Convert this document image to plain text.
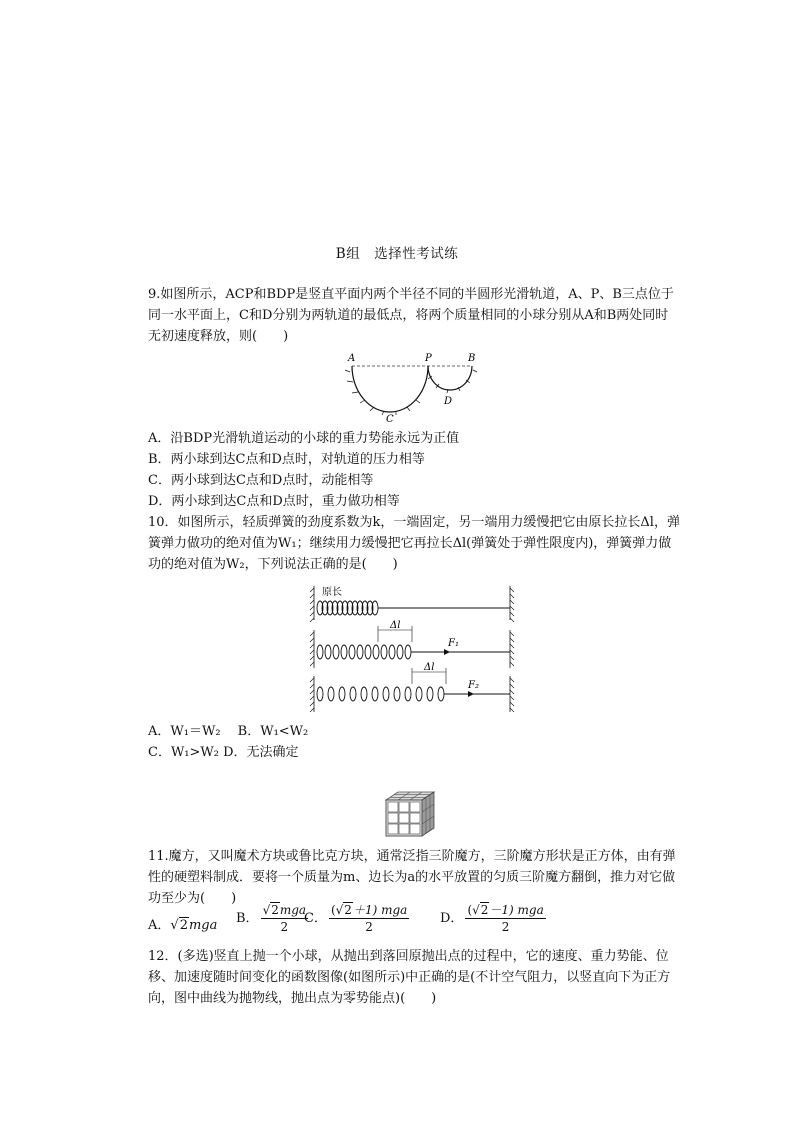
B组　选择性考试练
9.如图所示，ACP和BDP是竖直平面内两个半径不同的半圆形光滑轨道，A、P、B三点位于同一水平面上，C和D分别为两轨道的最低点，将两个质量相同的小球分别从A和B两处同时无初速度释放，则(　　)
A	P	B
C
D
A．沿BDP光滑轨道运动的小球的重力势能永远为正值
B．两小球到达C点和D点时，对轨道的压力相等
C．两小球到达C点和D点时，动能相等
D．两小球到达C点和D点时，重力做功相等
10．如图所示，轻质弹簧的劲度系数为k，一端固定，另一端用力缓慢把它由原长拉长Δl，弹簧弹力做功的绝对值为W₁；继续用力缓慢把它再拉长Δl(弹簧处于弹性限度内)，弹簧弹力做功的绝对值为W₂，下列说法正确的是(　　)
原长
Δl
F₁
Δl
F₂
A．W₁＝W₂　 B．W₁<W₂
C．W₁>W₂ D．无法确定
11.魔方，又叫魔术方块或鲁比克方块，通常泛指三阶魔方，三阶魔方形状是正方体，由有弹性的硬塑料制成．要将一个质量为m、边长为a的水平放置的匀质三阶魔方翻倒，推力对它做功至少为(　　)
A．√2mga B． $\frac{\text{√2mga}}{2}$
C． $\frac{\text{(√2＋1) mga}}{2}$ D． $\frac{\text{(√2－1) mga}}{2}$
12．(多选)竖直上抛一个小球，从抛出到落回原抛出点的过程中，它的速度、重力势能、位移、加速度随时间变化的函数图像(如图所示)中正确的是(不计空气阻力，以竖直向下为正方向，图中曲线为抛物线，抛出点为零势能点)(　　)
